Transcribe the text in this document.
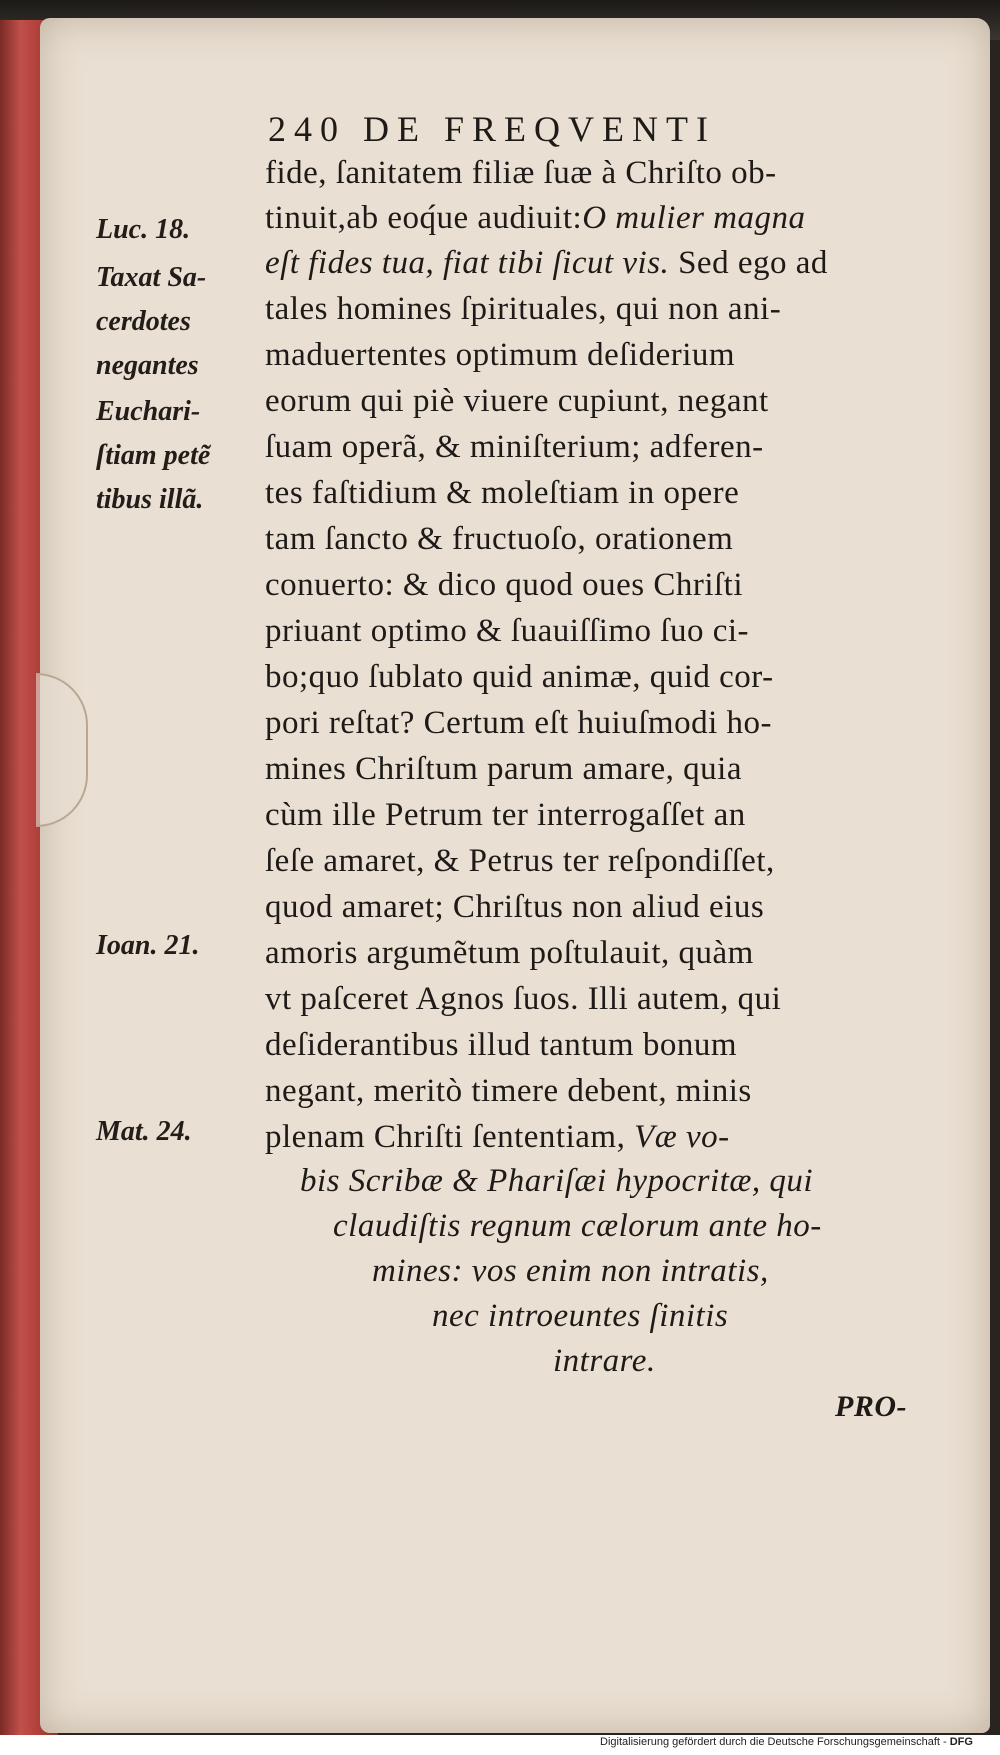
240 DE FREQVENTI
fide, ſanitatem filiæ ſuæ à Chriſto ob-
tinuit,ab eoq́ue audiuit:O mulier magna
eſt fides tua, fiat tibi ſicut vis. Sed ego ad
tales homines ſpirituales, qui non ani-
maduertentes optimum deſiderium
eorum qui piè viuere cupiunt, negant
ſuam operã, & miniſterium; adferen-
tes faſtidium & moleſtiam in opere
tam ſancto & fructuoſo, orationem
conuerto: & dico quod oues Chriſti
priuant optimo & ſuauiſſimo ſuo ci-
bo;quo ſublato quid animæ, quid cor-
pori reſtat? Certum eſt huiuſmodi ho-
mines Chriſtum parum amare, quia
cùm ille Petrum ter interrogaſſet an
ſeſe amaret, & Petrus ter reſpondiſſet,
quod amaret; Chriſtus non aliud eius
amoris argumẽtum poſtulauit, quàm
vt paſceret Agnos ſuos. Illi autem, qui
deſiderantibus illud tantum bonum
negant, meritò timere debent, minis
plenam Chriſti ſententiam, Væ vo-
bis Scribæ & Phariſæi hypocritæ, qui
claudiſtis regnum cælorum ante ho-
mines: vos enim non intratis,
nec introeuntes ſinitis
intrare.
PRO-
Luc. 18.
Taxat Sa-
cerdotes
negantes
Euchari-
ſtiam petẽ
tibus illã.
Ioan. 21.
Mat. 24.
Digitalisierung gefördert durch die Deutsche Forschungsgemeinschaft - DFG
